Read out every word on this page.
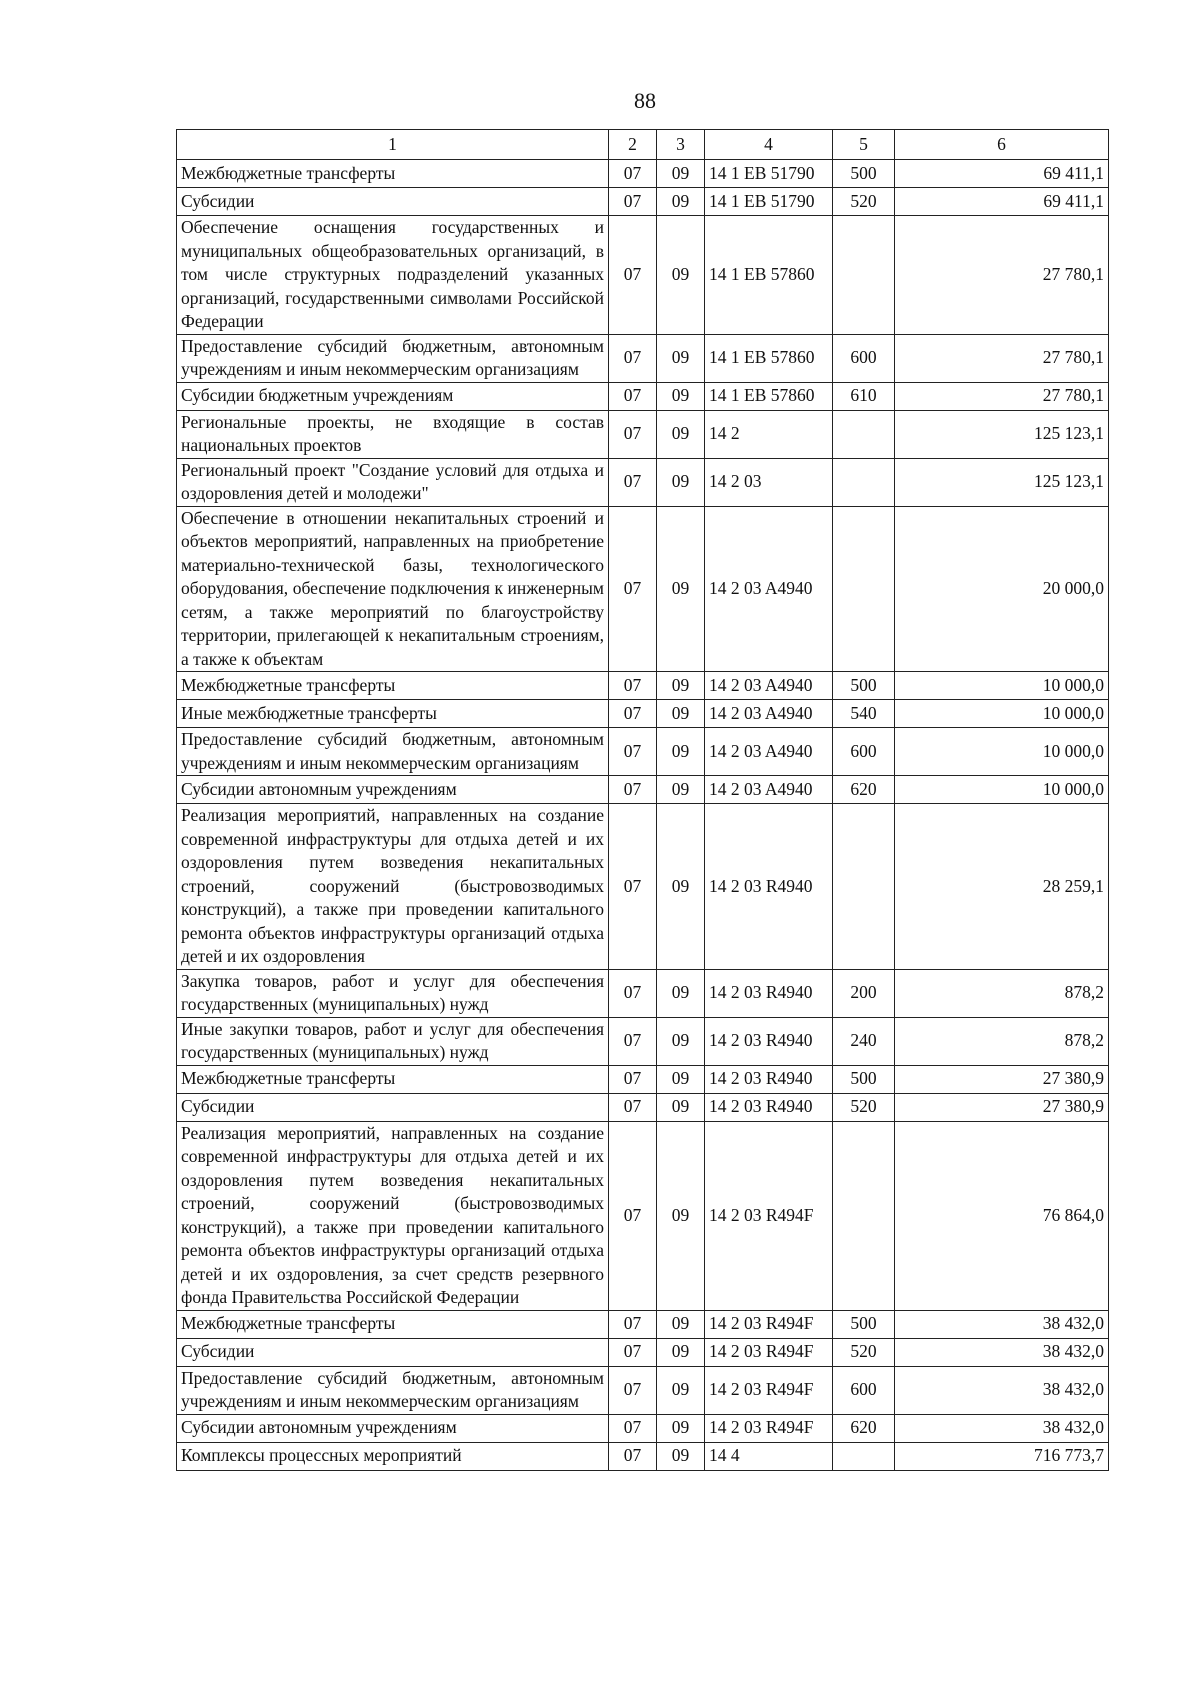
88
1	2	3	4	5	6
Межбюджетные трансферты	07	09	14 1 EB 51790	500	69 411,1
Субсидии	07	09	14 1 EB 51790	520	69 411,1
Обеспечение оснащения государственных и муниципальных общеобразовательных организаций, в том числе структурных подразделений указанных организаций, государственными символами Российской Федерации	07	09	14 1 EB 57860		27 780,1
Предоставление субсидий бюджетным, автономным учреждениям и иным некоммерческим организациям	07	09	14 1 EB 57860	600	27 780,1
Субсидии бюджетным учреждениям	07	09	14 1 EB 57860	610	27 780,1
Региональные проекты, не входящие в состав национальных проектов	07	09	14 2		125 123,1
Региональный проект "Создание условий для отдыха и оздоровления детей и молодежи"	07	09	14 2 03		125 123,1
Обеспечение в отношении некапитальных строений и объектов мероприятий, направленных на приобретение материально-технической базы, технологического оборудования, обеспечение подключения к инженерным сетям, а также мероприятий по благоустройству территории, прилегающей к некапитальным строениям, а также к объектам	07	09	14 2 03 A4940		20 000,0
Межбюджетные трансферты	07	09	14 2 03 A4940	500	10 000,0
Иные межбюджетные трансферты	07	09	14 2 03 A4940	540	10 000,0
Предоставление субсидий бюджетным, автономным учреждениям и иным некоммерческим организациям	07	09	14 2 03 A4940	600	10 000,0
Субсидии автономным учреждениям	07	09	14 2 03 A4940	620	10 000,0
Реализация мероприятий, направленных на создание современной инфраструктуры для отдыха детей и их оздоровления путем возведения некапитальных строений, сооружений (быстровозводимых конструкций), а также при проведении капитального ремонта объектов инфраструктуры организаций отдыха детей и их оздоровления	07	09	14 2 03 R4940		28 259,1
Закупка товаров, работ и услуг для обеспечения государственных (муниципальных) нужд	07	09	14 2 03 R4940	200	878,2
Иные закупки товаров, работ и услуг для обеспечения государственных (муниципальных) нужд	07	09	14 2 03 R4940	240	878,2
Межбюджетные трансферты	07	09	14 2 03 R4940	500	27 380,9
Субсидии	07	09	14 2 03 R4940	520	27 380,9
Реализация мероприятий, направленных на создание современной инфраструктуры для отдыха детей и их оздоровления путем возведения некапитальных строений, сооружений (быстровозводимых конструкций), а также при проведении капитального ремонта объектов инфраструктуры организаций отдыха детей и их оздоровления, за счет средств резервного фонда Правительства Российской Федерации	07	09	14 2 03 R494F		76 864,0
Межбюджетные трансферты	07	09	14 2 03 R494F	500	38 432,0
Субсидии	07	09	14 2 03 R494F	520	38 432,0
Предоставление субсидий бюджетным, автономным учреждениям и иным некоммерческим организациям	07	09	14 2 03 R494F	600	38 432,0
Субсидии автономным учреждениям	07	09	14 2 03 R494F	620	38 432,0
Комплексы процессных мероприятий	07	09	14 4		716 773,7
